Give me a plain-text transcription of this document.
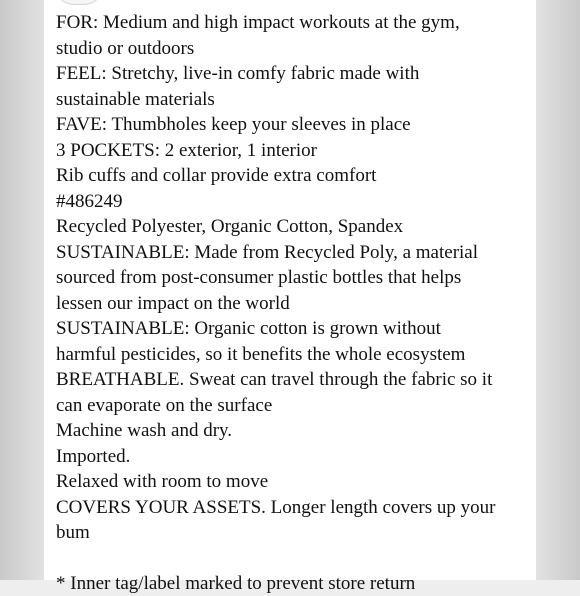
FOR: Medium and high impact workouts at the gym,
studio or outdoors
FEEL: Stretchy, live-in comfy fabric made with
sustainable materials
FAVE: Thumbholes keep your sleeves in place
3 POCKETS: 2 exterior, 1 interior
Rib cuffs and collar provide extra comfort
#486249
Recycled Polyester, Organic Cotton, Spandex
SUSTAINABLE: Made from Recycled Poly, a material
sourced from post-consumer plastic bottles that helps
lessen our impact on the world
SUSTAINABLE: Organic cotton is grown without
harmful pesticides, so it benefits the whole ecosystem
BREATHABLE. Sweat can travel through the fabric so it
can evaporate on the surface
Machine wash and dry.
Imported.
Relaxed with room to move
COVERS YOUR ASSETS. Longer length covers up your
bum
* Inner tag/label marked to prevent store return
